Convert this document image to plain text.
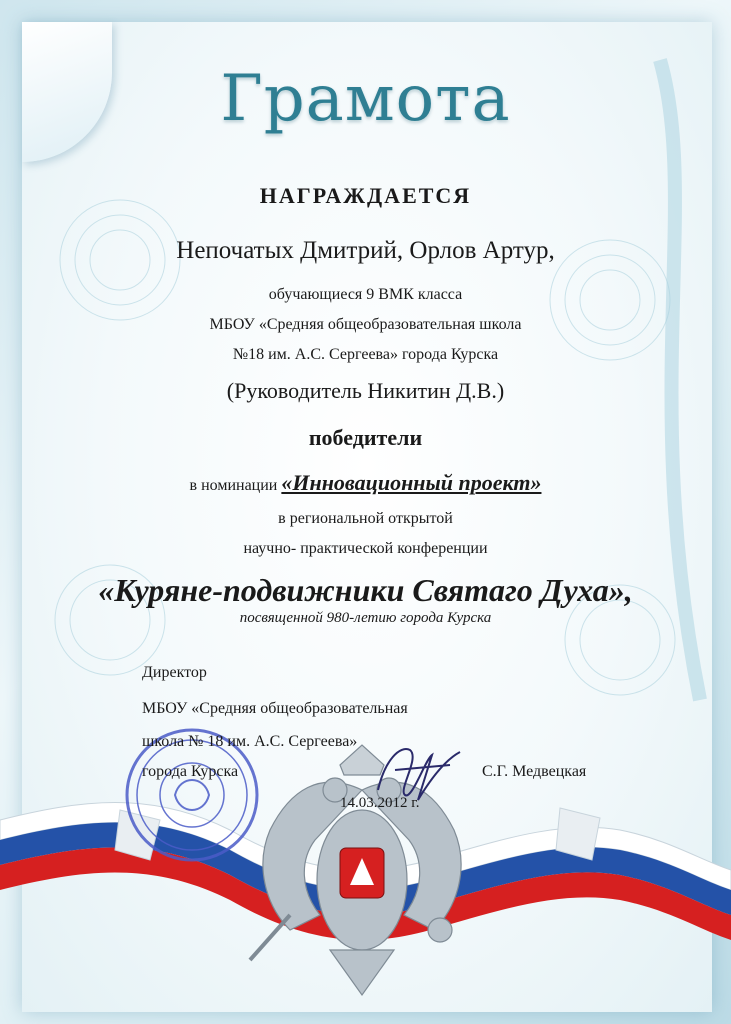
Грамота
НАГРАЖДАЕТСЯ
Непочатых Дмитрий, Орлов Артур,
обучающиеся 9 ВМК класса
МБОУ «Средняя общеобразовательная школа
№18 им. А.С. Сергеева» города Курска
(Руководитель Никитин Д.В.)
победители
в номинации «Инновационный проект»
в региональной открытой
научно- практической конференции
«Куряне-подвижники Святаго Духа»,
посвященной 980-летию города Курска
Директор
МБОУ «Средняя общеобразовательная
школа № 18 им. А.С. Сергеева»
города Курска	С.Г. Медвецкая
14.03.2012 г.
